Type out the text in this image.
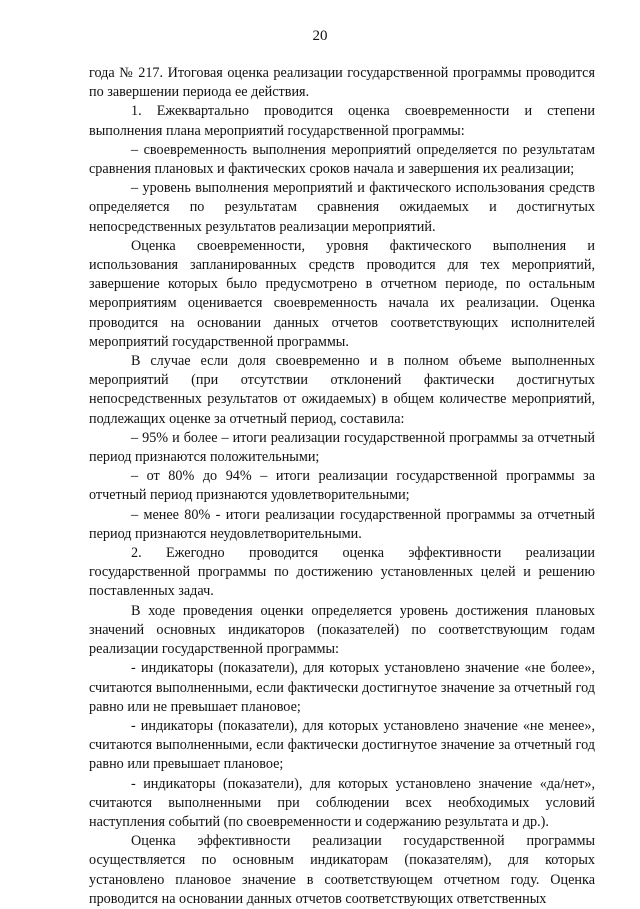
20

года № 217. Итоговая оценка реализации государственной программы проводится по завершении периода ее действия.

1. Ежеквартально проводится оценка своевременности и степени выполнения плана мероприятий государственной программы:

– своевременность выполнения мероприятий определяется по результатам сравнения плановых и фактических сроков начала и завершения их реализации;

– уровень выполнения мероприятий и фактического использования средств определяется по результатам сравнения ожидаемых и достигнутых непосредственных результатов реализации мероприятий.

Оценка своевременности, уровня фактического выполнения и использования запланированных средств проводится для тех мероприятий, завершение которых было предусмотрено в отчетном периоде, по остальным мероприятиям оценивается своевременность начала их реализации. Оценка проводится на основании данных отчетов соответствующих исполнителей мероприятий государственной программы.

В случае если доля своевременно и в полном объеме выполненных мероприятий (при отсутствии отклонений фактически достигнутых непосредственных результатов от ожидаемых) в общем количестве мероприятий, подлежащих оценке за отчетный период, составила:

– 95% и более – итоги реализации государственной программы за отчетный период признаются положительными;

– от 80% до 94% – итоги реализации государственной программы за отчетный период признаются удовлетворительными;

– менее 80% - итоги реализации государственной программы за отчетный период признаются неудовлетворительными.

2. Ежегодно проводится оценка эффективности реализации государственной программы по достижению установленных целей и решению поставленных задач.

В ходе проведения оценки определяется уровень достижения плановых значений основных индикаторов (показателей) по соответствующим годам реализации государственной программы:

- индикаторы (показатели), для которых установлено значение «не более», считаются выполненными, если фактически достигнутое значение за отчетный год равно или не превышает плановое;

- индикаторы (показатели), для которых установлено значение «не менее», считаются выполненными, если фактически достигнутое значение за отчетный год равно или превышает плановое;

- индикаторы (показатели), для которых установлено значение «да/нет», считаются выполненными при соблюдении всех необходимых условий наступления событий (по своевременности и содержанию результата и др.).

Оценка эффективности реализации государственной программы осуществляется по основным индикаторам (показателям), для которых установлено плановое значение в соответствующем отчетном году. Оценка проводится на основании данных отчетов соответствующих ответственных
